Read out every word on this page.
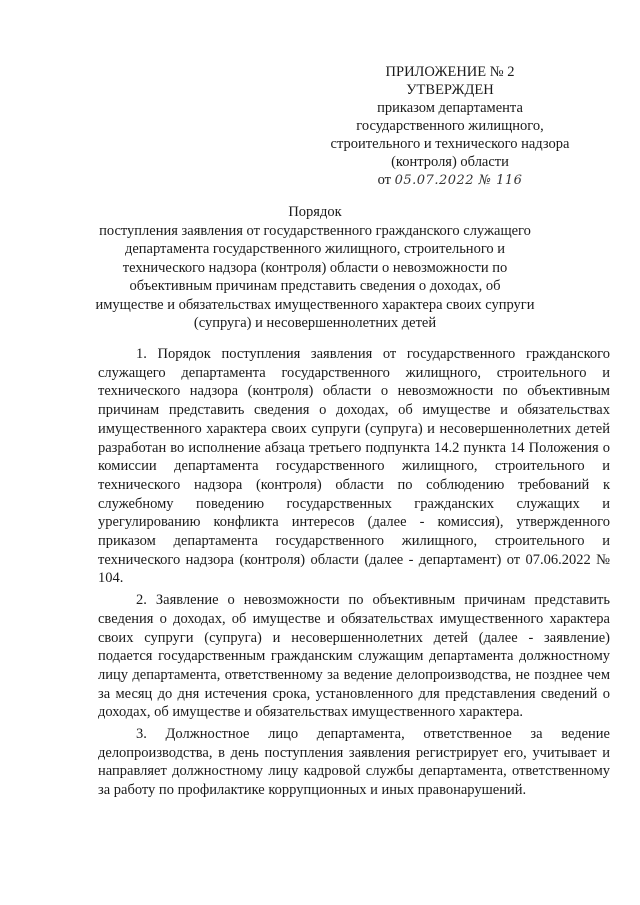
ПРИЛОЖЕНИЕ № 2
УТВЕРЖДЕН
приказом департамента
государственного жилищного,
строительного и технического надзора
(контроля) области
от 05.07.2022 № 116
Порядок
поступления заявления от государственного гражданского служащего департамента государственного жилищного, строительного и технического надзора (контроля) области о невозможности по объективным причинам представить сведения о доходах, об имуществе и обязательствах имущественного характера своих супруги (супруга) и несовершеннолетних детей

1. Порядок поступления заявления от государственного гражданского служащего департамента государственного жилищного, строительного и технического надзора (контроля) области о невозможности по объективным причинам представить сведения о доходах, об имуществе и обязательствах имущественного характера своих супруги (супруга) и несовершеннолетних детей разработан во исполнение абзаца третьего подпункта 14.2 пункта 14 Положения о комиссии департамента государственного жилищного, строительного и технического надзора (контроля) области по соблюдению требований к служебному поведению государственных гражданских служащих и урегулированию конфликта интересов (далее - комиссия), утвержденного приказом департамента государственного жилищного, строительного и технического надзора (контроля) области (далее - департамент) от 07.06.2022 № 104.

2. Заявление о невозможности по объективным причинам представить сведения о доходах, об имуществе и обязательствах имущественного характера своих супруги (супруга) и несовершеннолетних детей (далее - заявление) подается государственным гражданским служащим департамента должностному лицу департамента, ответственному за ведение делопроизводства, не позднее чем за месяц до дня истечения срока, установленного для представления сведений о доходах, об имуществе и обязательствах имущественного характера.

3. Должностное лицо департамента, ответственное за ведение делопроизводства, в день поступления заявления регистрирует его, учитывает и направляет должностному лицу кадровой службы департамента, ответственному за работу по профилактике коррупционных и иных правонарушений.
